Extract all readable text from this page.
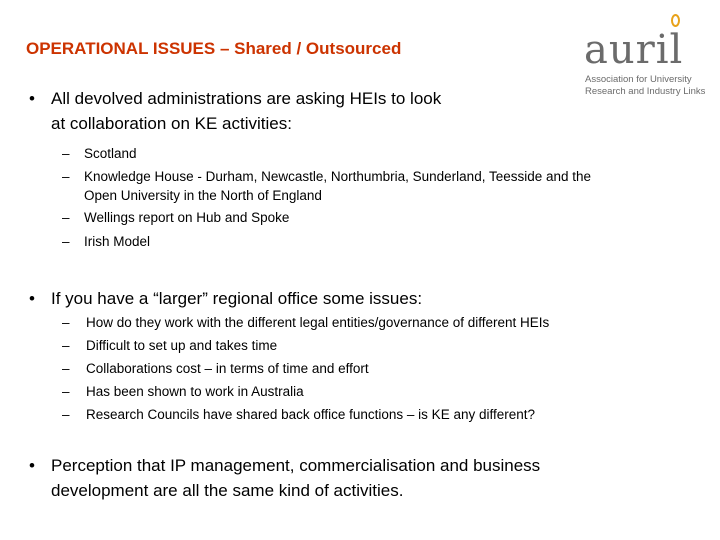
OPERATIONAL ISSUES – Shared / Outsourced	auril
Association for University
Research and Industry Links
• All devolved administrations are asking HEIs to look
at collaboration on KE activities:
– Scotland
– Knowledge House - Durham, Newcastle, Northumbria, Sunderland, Teesside and the
Open University in the North of England
– Wellings report on Hub and Spoke
– Irish Model
• If you have a “larger” regional office some issues:
– How do they work with the different legal entities/governance of different HEIs
– Difficult to set up and takes time
– Collaborations cost – in terms of time and effort
– Has been shown to work in Australia
– Research Councils have shared back office functions – is KE any different?
• Perception that IP management, commercialisation and business
development are all the same kind of activities.
